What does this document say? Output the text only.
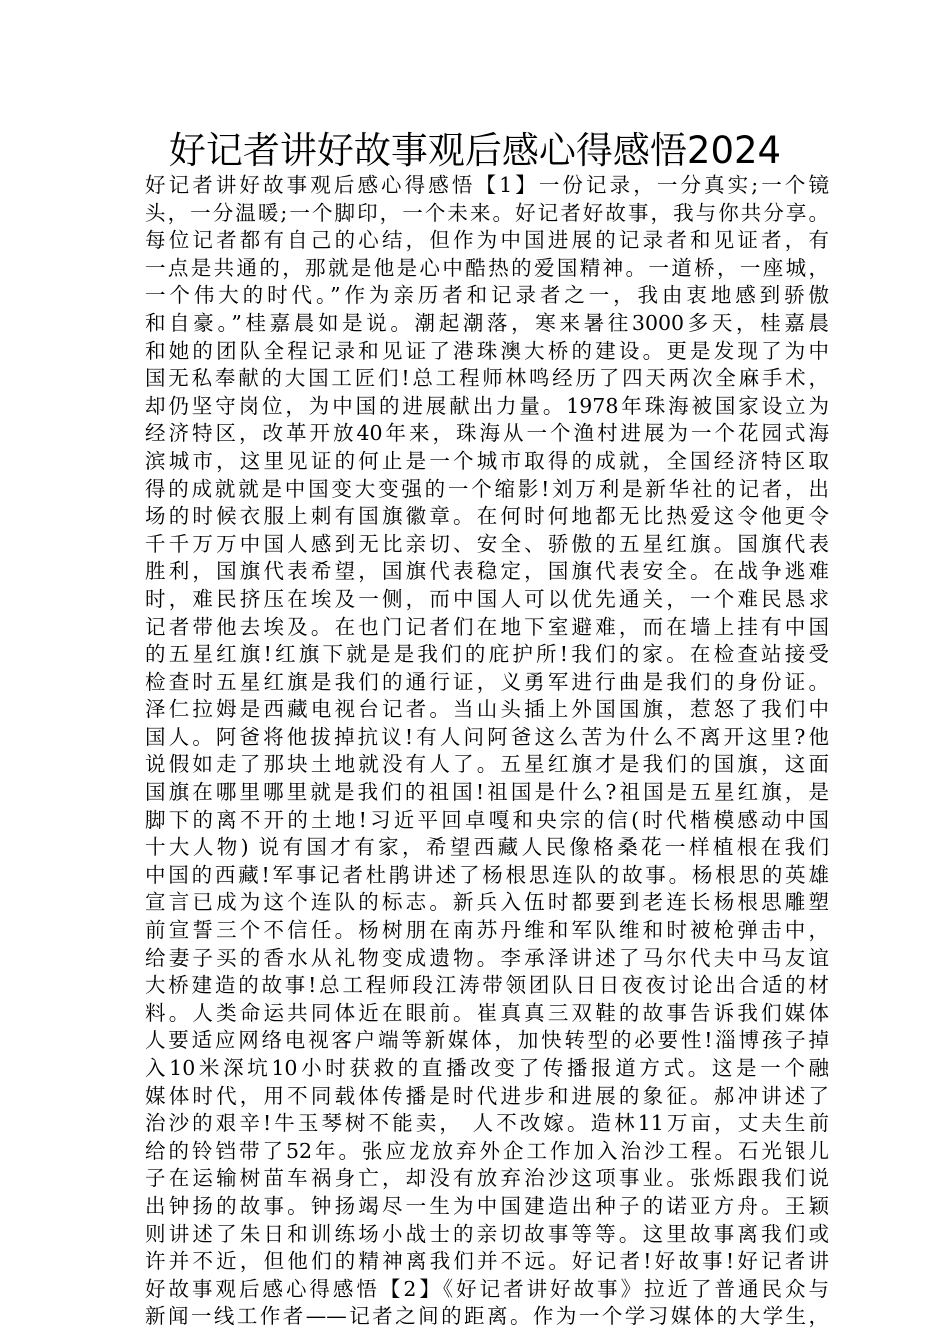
好记者讲好故事观后感心得感悟2024
好记者讲好故事观后感心得感悟【1】一份记录，一分真实;一个镜
头，一分温暖;一个脚印，一个未来。好记者好故事，我与你共分享。
每位记者都有自己的心结，但作为中国进展的记录者和见证者，有
一点是共通的，那就是他是心中酷热的爱国精神。一道桥，一座城，
一个伟大的时代。”作为亲历者和记录者之一，我由衷地感到骄傲
和自豪。”桂嘉晨如是说。潮起潮落，寒来暑往3000多天，桂嘉晨
和她的团队全程记录和见证了港珠澳大桥的建设。更是发现了为中
国无私奉献的大国工匠们!总工程师林鸣经历了四天两次全麻手术，
却仍坚守岗位，为中国的进展献出力量。1978年珠海被国家设立为
经济特区，改革开放40年来，珠海从一个渔村进展为一个花园式海
滨城市，这里见证的何止是一个城市取得的成就，全国经济特区取
得的成就就是中国变大变强的一个缩影!刘万利是新华社的记者，出
场的时候衣服上刺有国旗徽章。在何时何地都无比热爱这令他更令
千千万万中国人感到无比亲切、安全、骄傲的五星红旗。国旗代表
胜利，国旗代表希望，国旗代表稳定，国旗代表安全。在战争逃难
时，难民挤压在埃及一侧，而中国人可以优先通关，一个难民恳求
记者带他去埃及。在也门记者们在地下室避难，而在墙上挂有中国
的五星红旗!红旗下就是是我们的庇护所!我们的家。在检查站接受
检查时五星红旗是我们的通行证，义勇军进行曲是我们的身份证。
泽仁拉姆是西藏电视台记者。当山头插上外国国旗，惹怒了我们中
国人。阿爸将他拔掉抗议!有人问阿爸这么苦为什么不离开这里?他
说假如走了那块土地就没有人了。五星红旗才是我们的国旗，这面
国旗在哪里哪里就是我们的祖国!祖国是什么?祖国是五星红旗，是
脚下的离不开的土地!习近平回卓嘎和央宗的信(时代楷模感动中国
十大人物) 说有国才有家，希望西藏人民像格桑花一样植根在我们
中国的西藏!军事记者杜鹃讲述了杨根思连队的故事。杨根思的英雄
宣言已成为这个连队的标志。新兵入伍时都要到老连长杨根思雕塑
前宣誓三个不信任。杨树朋在南苏丹维和军队维和时被枪弹击中，
给妻子买的香水从礼物变成遗物。李承泽讲述了马尔代夫中马友谊
大桥建造的故事!总工程师段江涛带领团队日日夜夜讨论出合适的材
料。人类命运共同体近在眼前。崔真真三双鞋的故事告诉我们媒体
人要适应网络电视客户端等新媒体，加快转型的必要性!淄博孩子掉
入10米深坑10小时获救的直播改变了传播报道方式。这是一个融
媒体时代，用不同载体传播是时代进步和进展的象征。郝冲讲述了
治沙的艰辛!牛玉琴树不能卖， 人不改嫁。造林11万亩，丈夫生前
给的铃铛带了52年。张应龙放弃外企工作加入治沙工程。石光银儿
子在运输树苗车祸身亡，却没有放弃治沙这项事业。张烁跟我们说
出钟扬的故事。钟扬竭尽一生为中国建造出种子的诺亚方舟。王颖
则讲述了朱日和训练场小战士的亲切故事等等。这里故事离我们或
许并不近，但他们的精神离我们并不远。好记者!好故事!好记者讲
好故事观后感心得感悟【2】《好记者讲好故事》拉近了普通民众与
新闻一线工作者——记者之间的距离。作为一个学习媒体的大学生，
